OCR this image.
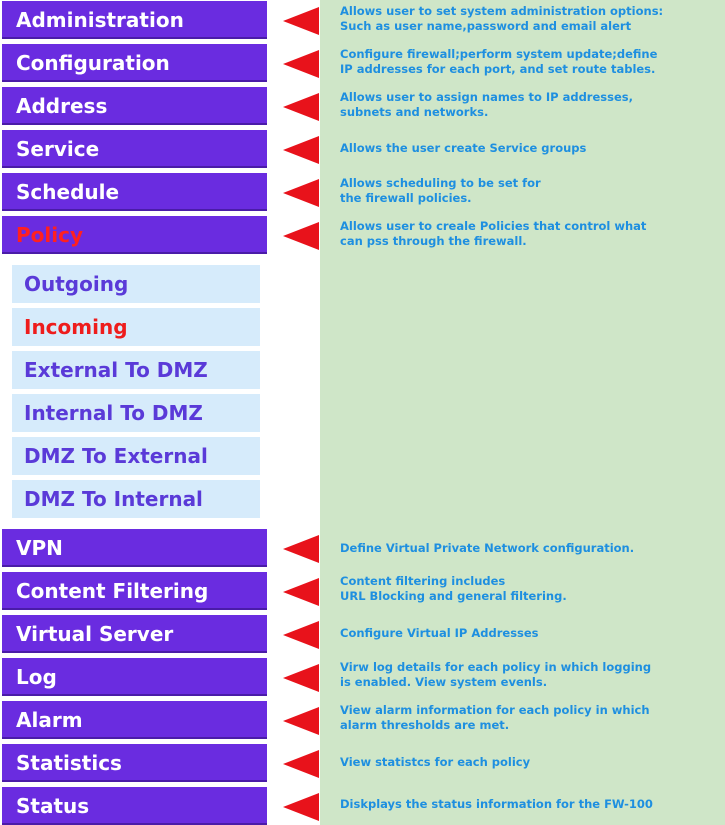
Administration	Allows user to set system administration options:
Such as user name,password and email alert
Configuration	Configure firewall;perform system update;define
IP addresses for each port, and set route tables.
Address	Allows user to assign names to IP addresses,
subnets and networks.
Service	Allows the user create Service groups
Schedule	Allows scheduling to be set for
the firewall policies.
Policy	Allows user to creale Policies that control what
can pss through the firewall.
Outgoing
Incoming
External To DMZ
Internal To DMZ
DMZ To External
DMZ To Internal
VPN	Define Virtual Private Network configuration.
Content Filtering	Content filtering includes
URL Blocking and general filtering.
Virtual Server	Configure Virtual IP Addresses
Log	Virw log details for each policy in which logging
is enabled. View system evenls.
Alarm	View alarm information for each policy in which
alarm thresholds are met.
Statistics	View statistcs for each policy
Status	Diskplays the status information for the FW-100
